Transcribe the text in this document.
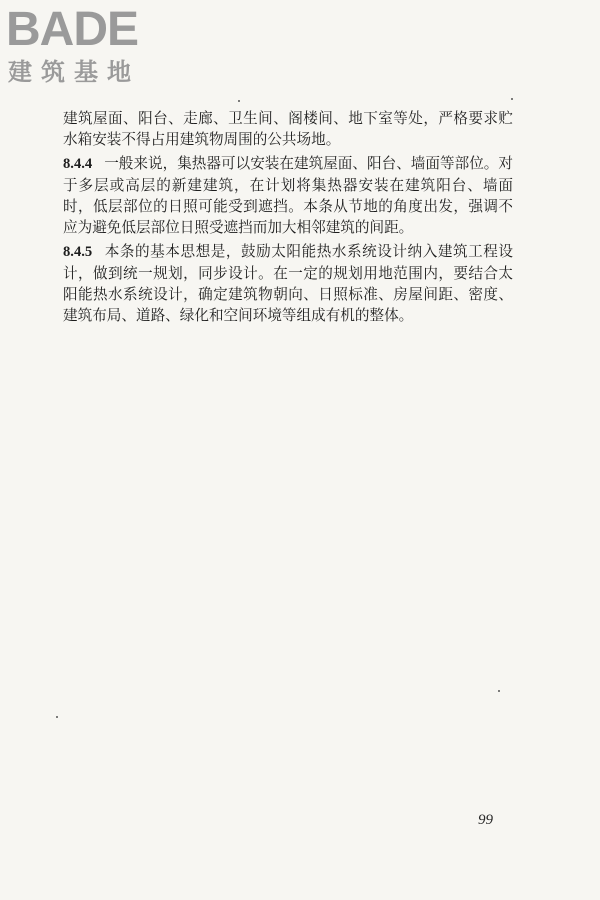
BADE
建筑基地

建筑屋面、阳台、走廊、卫生间、阁楼间、地下室等处，严格要求贮水箱安装不得占用建筑物周围的公共场地。

8.4.4 一般来说，集热器可以安装在建筑屋面、阳台、墙面等部位。对于多层或高层的新建建筑，在计划将集热器安装在建筑阳台、墙面时，低层部位的日照可能受到遮挡。本条从节地的角度出发，强调不应为避免低层部位日照受遮挡而加大相邻建筑的间距。

8.4.5 本条的基本思想是，鼓励太阳能热水系统设计纳入建筑工程设计，做到统一规划，同步设计。在一定的规划用地范围内，要结合太阳能热水系统设计，确定建筑物朝向、日照标准、房屋间距、密度、建筑布局、道路、绿化和空间环境等组成有机的整体。

99
